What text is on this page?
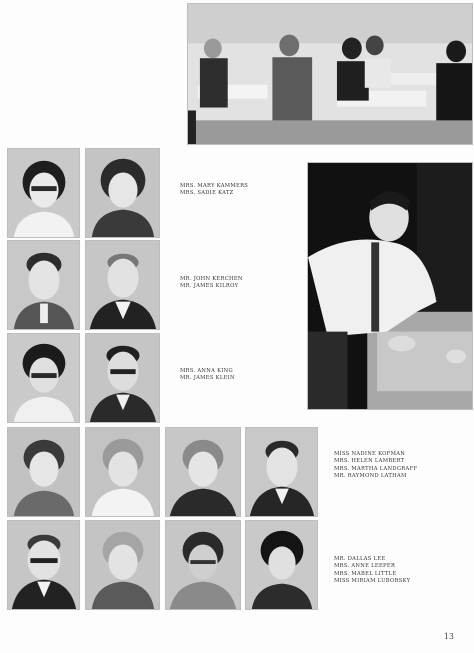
MRS. MARY KAMMERS
MRS. SADIE KATZ
MR. JOHN KERCHEN
MR. JAMES KILROY
MRS. ANNA KING
MR. JAMES KLEIN
MISS NADINE KOFMAN
MRS. HELEN LAMBERT
MRS. MARTHA LANDGRAFF
MR. RAYMOND LATHAM
MR. DALLAS LEE
MRS. ANNE LEEPER
MRS. MABEL LITTLE
MISS MIRIAM LUBORSKY
13
